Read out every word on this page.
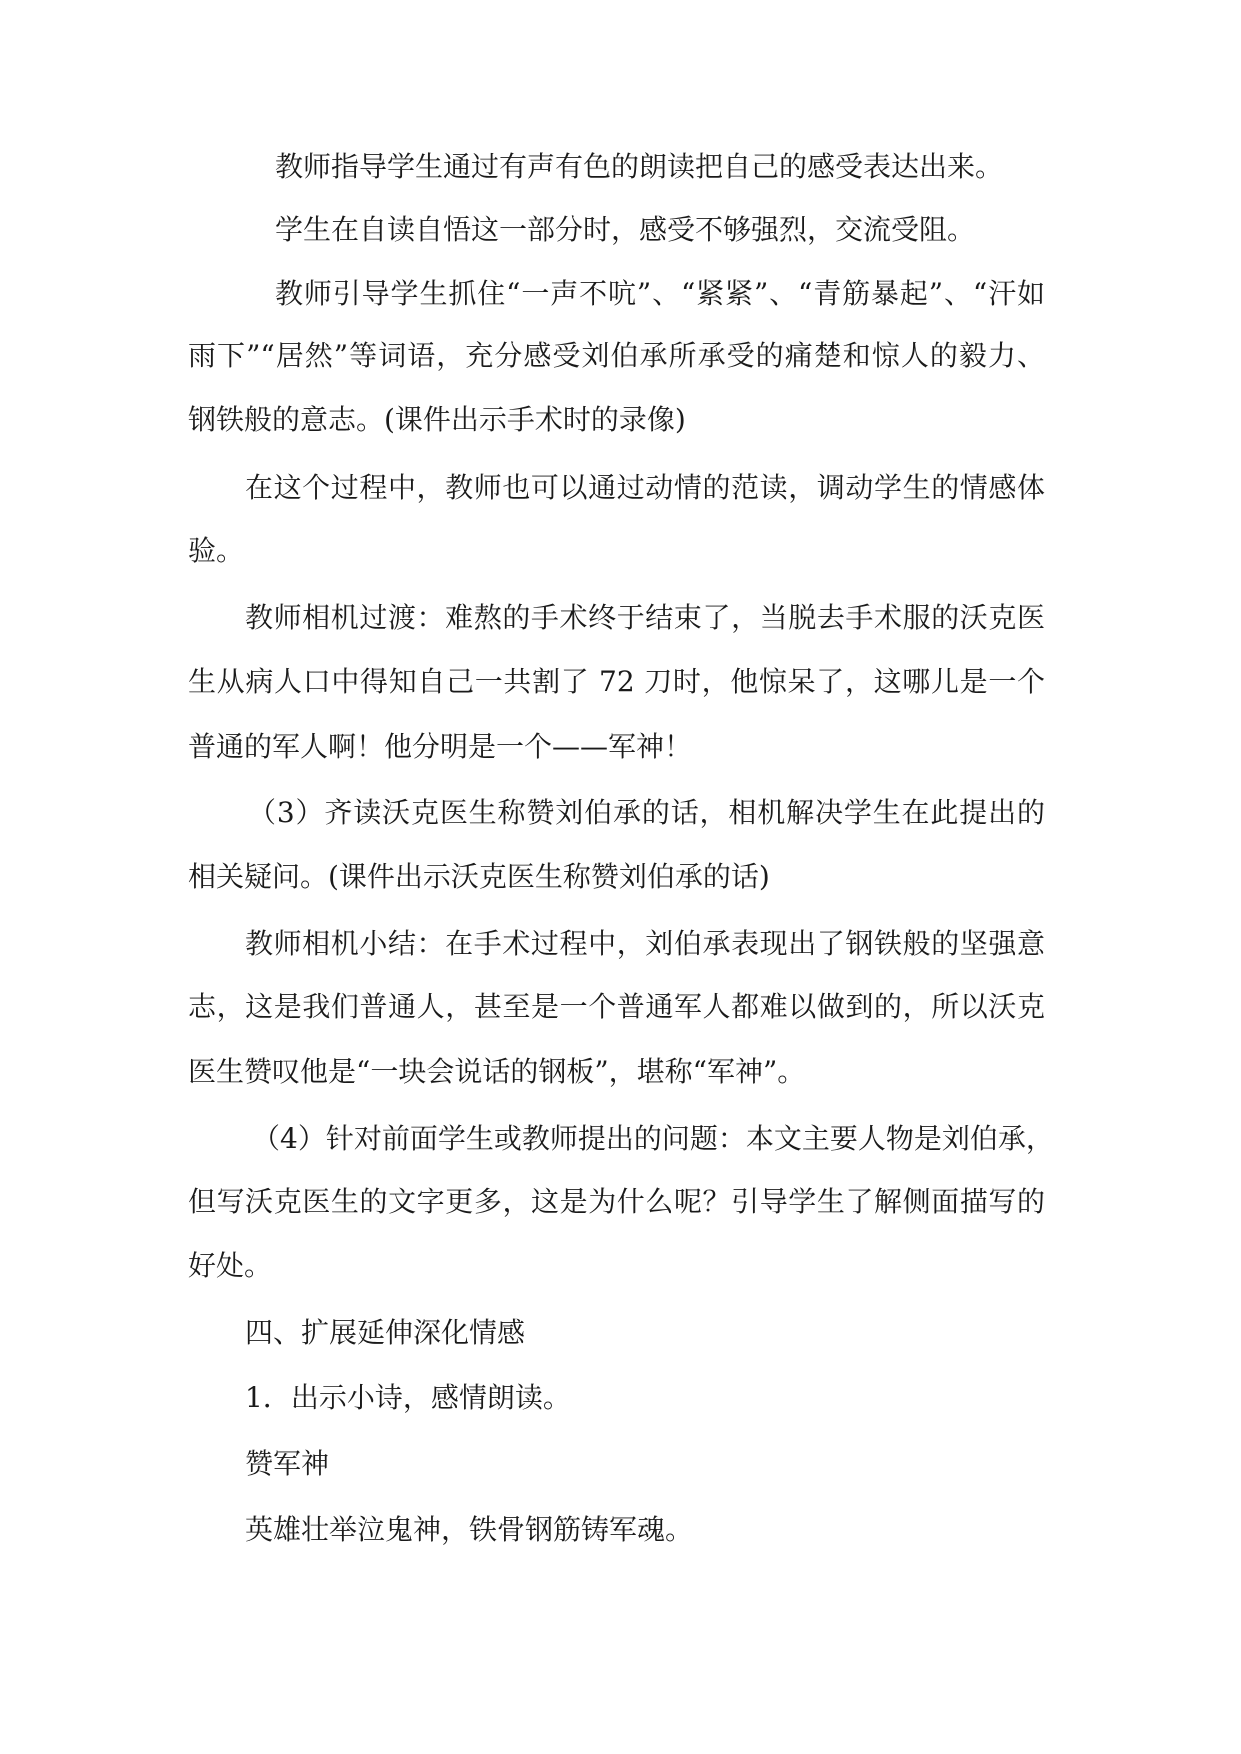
教师指导学生通过有声有色的朗读把自己的感受表达出来。
学生在自读自悟这一部分时，感受不够强烈，交流受阻。
教师引导学生抓住“一声不吭”、“紧紧”、“青筋暴起”、“汗如
雨下”“居然”等词语，充分感受刘伯承所承受的痛楚和惊人的毅力、
钢铁般的意志。(课件出示手术时的录像)
在这个过程中，教师也可以通过动情的范读，调动学生的情感体
验。
教师相机过渡：难熬的手术终于结束了，当脱去手术服的沃克医
生从病人口中得知自己一共割了 72 刀时，他惊呆了，这哪儿是一个
普通的军人啊！他分明是一个——军神！
（3）齐读沃克医生称赞刘伯承的话，相机解决学生在此提出的
相关疑问。(课件出示沃克医生称赞刘伯承的话)
教师相机小结：在手术过程中，刘伯承表现出了钢铁般的坚强意
志，这是我们普通人，甚至是一个普通军人都难以做到的，所以沃克
医生赞叹他是“一块会说话的钢板”，堪称“军神”。
（4）针对前面学生或教师提出的问题：本文主要人物是刘伯承，
但写沃克医生的文字更多，这是为什么呢？引导学生了解侧面描写的
好处。
四、扩展延伸深化情感
1．出示小诗，感情朗读。
赞军神
英雄壮举泣鬼神，铁骨钢筋铸军魂。
